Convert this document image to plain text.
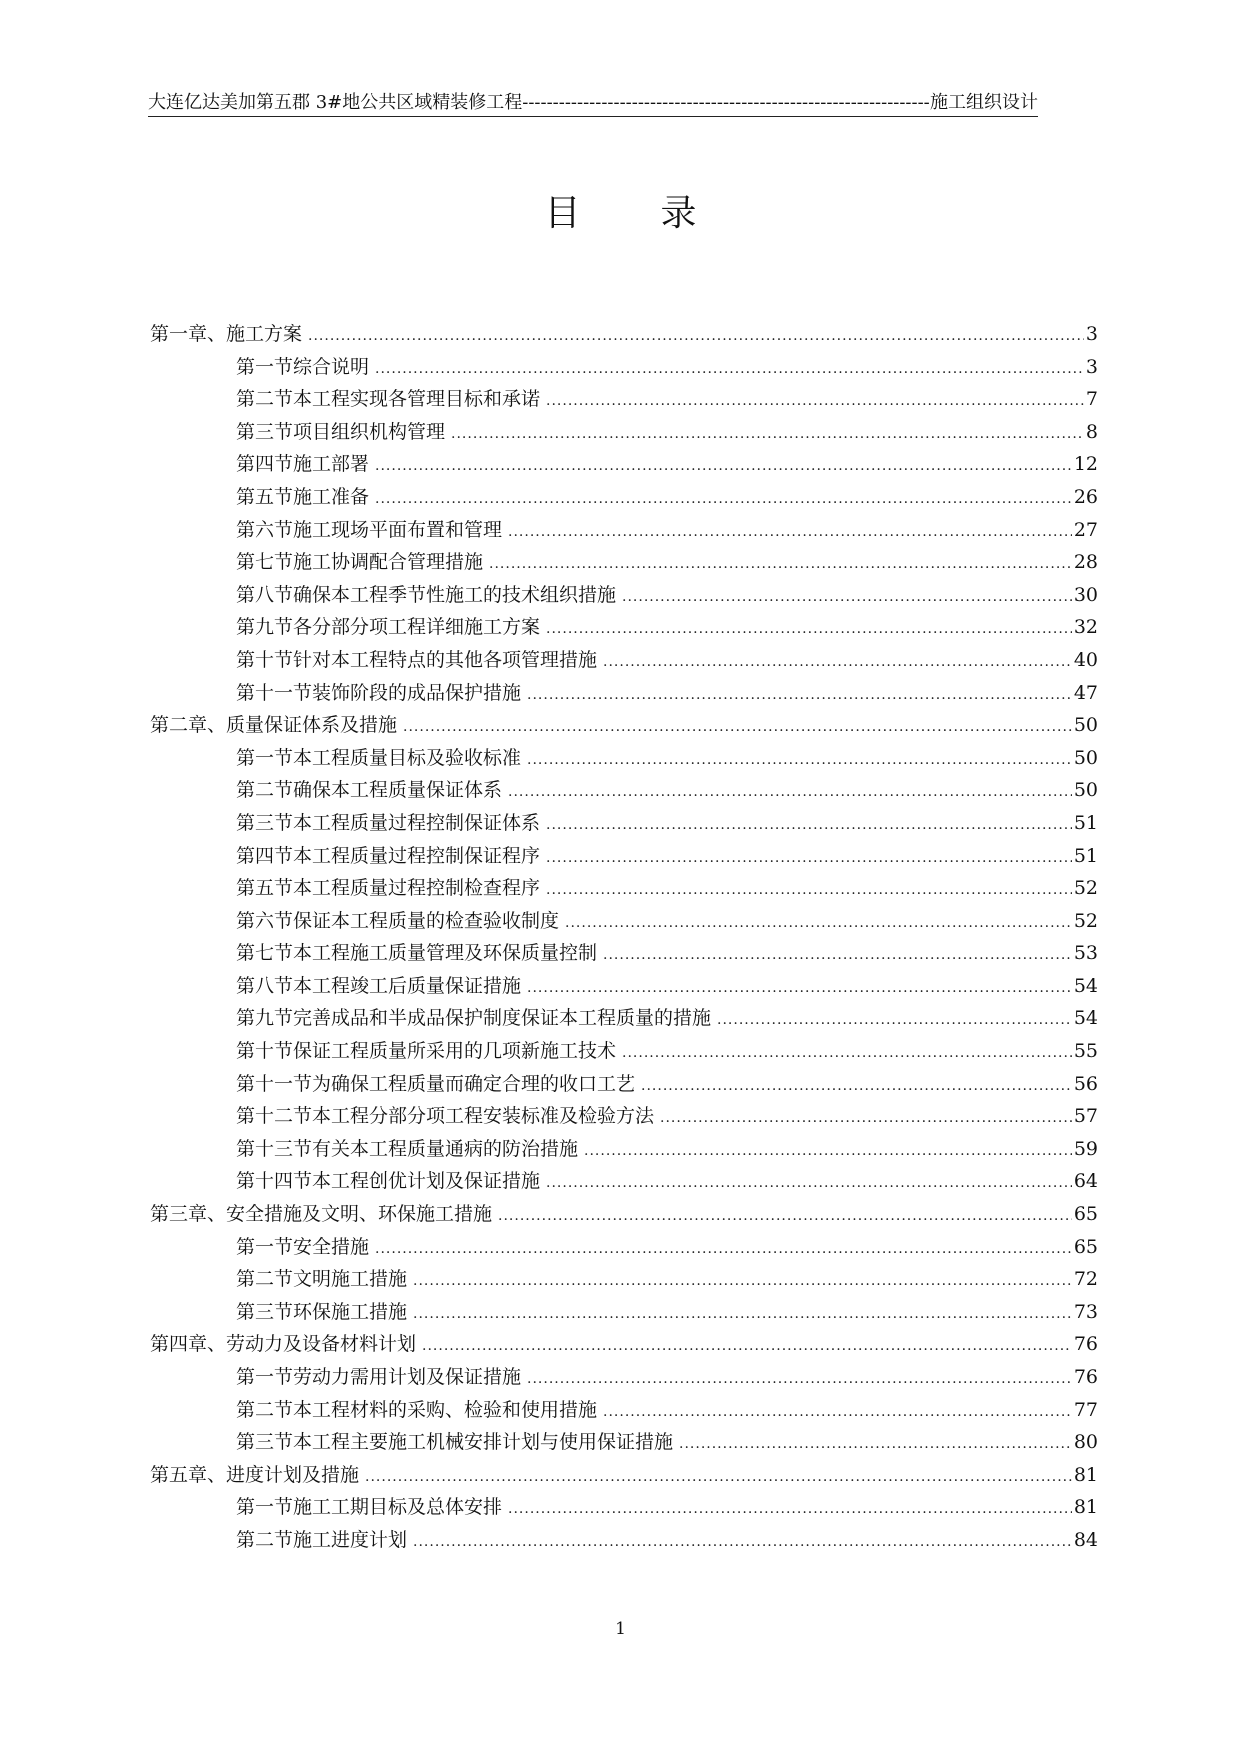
大连亿达美加第五郡 3#地公共区域精装修工程 -----	施工组织设计
目 录
第一章、施工方案 .....	3
第一节综合说明 .....	3
第二节本工程实现各管理目标和承诺 .....	7
第三节项目组织机构管理 .....	8
第四节施工部署 .....	12
第五节施工准备 .....	26
第六节施工现场平面布置和管理 .....	27
第七节施工协调配合管理措施 .....	28
第八节确保本工程季节性施工的技术组织措施 .....	30
第九节各分部分项工程详细施工方案 .....	32
第十节针对本工程特点的其他各项管理措施 .....	40
第十一节装饰阶段的成品保护措施 .....	47
第二章、质量保证体系及措施 .....	50
第一节本工程质量目标及验收标准 .....	50
第二节确保本工程质量保证体系 .....	50
第三节本工程质量过程控制保证体系 .....	51
第四节本工程质量过程控制保证程序 .....	51
第五节本工程质量过程控制检查程序 .....	52
第六节保证本工程质量的检查验收制度 .....	52
第七节本工程施工质量管理及环保质量控制 .....	53
第八节本工程竣工后质量保证措施 .....	54
第九节完善成品和半成品保护制度保证本工程质量的措施 .....	54
第十节保证工程质量所采用的几项新施工技术 .....	55
第十一节为确保工程质量而确定合理的收口工艺 .....	56
第十二节本工程分部分项工程安装标准及检验方法 .....	57
第十三节有关本工程质量通病的防治措施 .....	59
第十四节本工程创优计划及保证措施 .....	64
第三章、安全措施及文明、环保施工措施 .....	65
第一节安全措施 .....	65
第二节文明施工措施 .....	72
第三节环保施工措施 .....	73
第四章、劳动力及设备材料计划 .....	76
第一节劳动力需用计划及保证措施 .....	76
第二节本工程材料的采购、检验和使用措施 .....	77
第三节本工程主要施工机械安排计划与使用保证措施 .....	80
第五章、进度计划及措施 .....	81
第一节施工工期目标及总体安排 .....	81
第二节施工进度计划 .....	84
1
